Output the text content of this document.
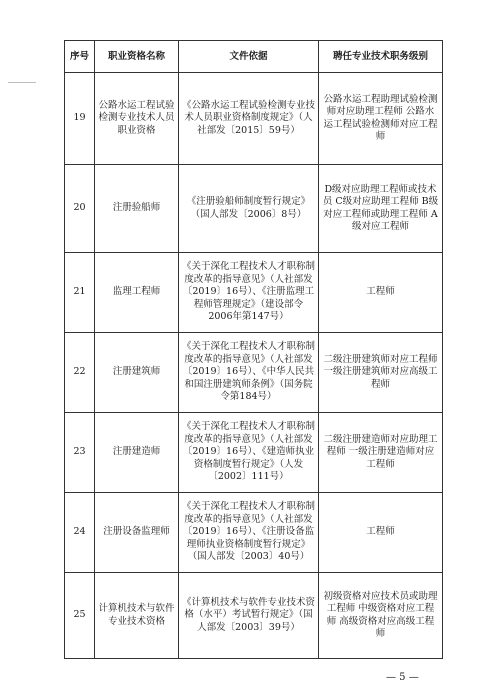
序号	职业资格名称	文件依据	聘任专业技术职务级别
19	公路水运工程试验检测专业技术人员职业资格	《公路水运工程试验检测专业技术人员职业资格制度规定》（人社部发〔2015〕59号）	公路水运工程助理试验检测师对应助理工程师 公路水运工程试验检测师对应工程师
20	注册验船师	《注册验船师制度暂行规定》（国人部发〔2006〕8号）	D级对应助理工程师或技术员 C级对应助理工程师 B级对应工程师或助理工程师 A级对应工程师
21	监理工程师	《关于深化工程技术人才职称制度改革的指导意见》（人社部发〔2019〕16号）、《注册监理工程师管理规定》（建设部令2006年第147号）	工程师
22	注册建筑师	《关于深化工程技术人才职称制度改革的指导意见》（人社部发〔2019〕16号）、《中华人民共和国注册建筑师条例》（国务院令第184号）	二级注册建筑师对应工程师 一级注册建筑师对应高级工程师
23	注册建造师	《关于深化工程技术人才职称制度改革的指导意见》（人社部发〔2019〕16号）、《建造师执业资格制度暂行规定》（人发〔2002〕111号）	二级注册建造师对应助理工程师 一级注册建造师对应工程师
24	注册设备监理师	《关于深化工程技术人才职称制度改革的指导意见》（人社部发〔2019〕16号）、《注册设备监理师执业资格制度暂行规定》（国人部发〔2003〕40号）	工程师
25	计算机技术与软件专业技术资格	《计算机技术与软件专业技术资格（水平）考试暂行规定》（国人部发〔2003〕39号）	初级资格对应技术员或助理工程师 中级资格对应工程师 高级资格对应高级工程师
— 5 —
